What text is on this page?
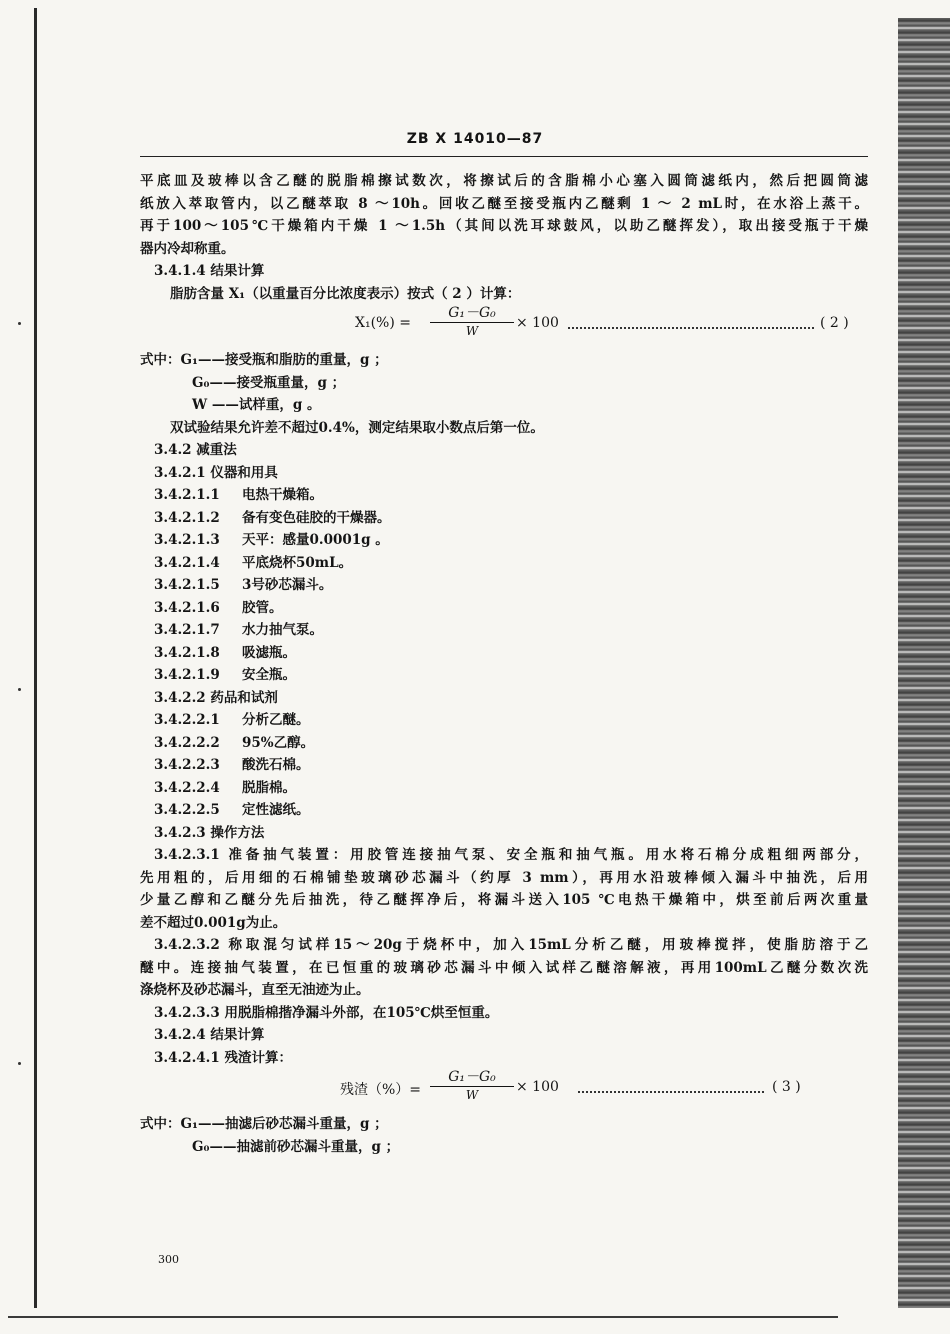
ZB X 14010—87
平底皿及玻棒以含乙醚的脱脂棉擦试数次，将擦试后的含脂棉小心塞入圆筒滤纸内，然后把圆筒滤
纸放入萃取管内，以乙醚萃取 8 ～10h。回收乙醚至接受瓶内乙醚剩 1 ～ 2 mL时，在水浴上蒸干。
再于100～105℃干燥箱内干燥 1 ～1.5h（其间以洗耳球鼓风，以助乙醚挥发），取出接受瓶于干燥
器内冷却称重。
3.4.1.4 结果计算
脂肪含量 X₁（以重量百分比浓度表示）按式（ 2 ）计算：
$X_1(\%) = \frac{\text{G₁－G₀}}{W} \times 100$	( 2 )
式中：G₁——接受瓶和脂肪的重量，g ；
G₀——接受瓶重量，g ；
W ——试样重，g 。
双试验结果允许差不超过0.4%，测定结果取小数点后第一位。
3.4.2 减重法
3.4.2.1 仪器和用具
3.4.2.1.1 电热干燥箱。
3.4.2.1.2 备有变色硅胶的干燥器。
3.4.2.1.3 天平：感量0.0001g 。
3.4.2.1.4 平底烧杯50mL。
3.4.2.1.5 3号砂芯漏斗。
3.4.2.1.6 胶管。
3.4.2.1.7 水力抽气泵。
3.4.2.1.8 吸滤瓶。
3.4.2.1.9 安全瓶。
3.4.2.2 药品和试剂
3.4.2.2.1 分析乙醚。
3.4.2.2.2 95%乙醇。
3.4.2.2.3 酸洗石棉。
3.4.2.2.4 脱脂棉。
3.4.2.2.5 定性滤纸。
3.4.2.3 操作方法
3.4.2.3.1 准备抽气装置：用胶管连接抽气泵、安全瓶和抽气瓶。用水将石棉分成粗细两部分，
先用粗的，后用细的石棉铺垫玻璃砂芯漏斗（约厚 3 mm），再用水沿玻棒倾入漏斗中抽洗，后用
少量乙醇和乙醚分先后抽洗，待乙醚挥净后，将漏斗送入105 ℃电热干燥箱中，烘至前后两次重量
差不超过0.001g为止。
3.4.2.3.2 称取混匀试样15～20g于烧杯中，加入15mL分析乙醚，用玻棒搅拌，使脂肪溶于乙
醚中。连接抽气装置，在已恒重的玻璃砂芯漏斗中倾入试样乙醚溶解液，再用100mL乙醚分数次洗
涤烧杯及砂芯漏斗，直至无油迹为止。
3.4.2.3.3 用脱脂棉揩净漏斗外部，在105℃烘至恒重。
3.4.2.4 结果计算
3.4.2.4.1 残渣计算：
残渣（%）= $\frac{\text{G₁－G₀}}{W} \times 100$	( 3 )
式中：G₁——抽滤后砂芯漏斗重量，g ；
G₀——抽滤前砂芯漏斗重量，g ；
300
